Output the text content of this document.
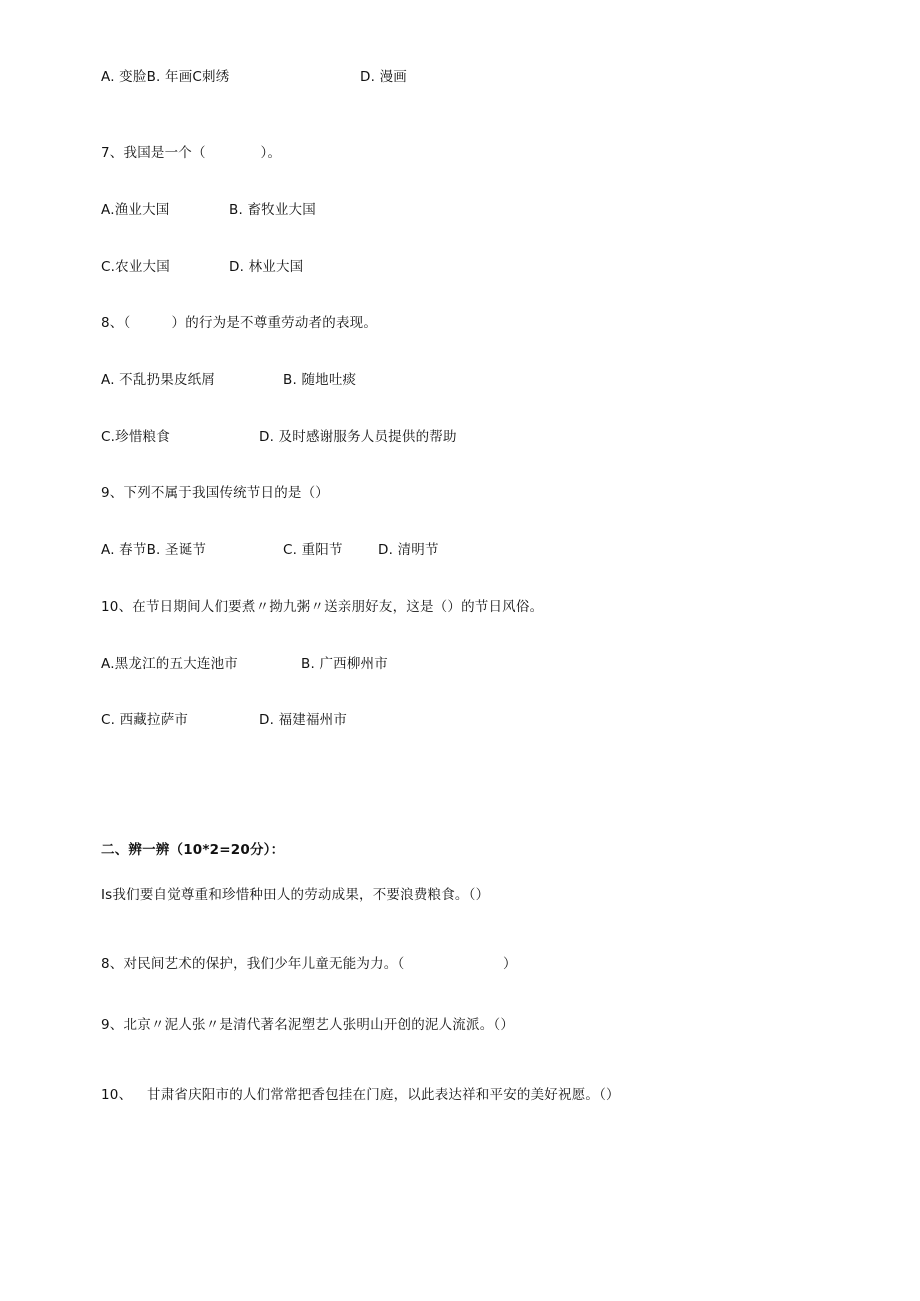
A. 变脸B. 年画C刺绣	D. 漫画
7、我国是一个（　　　　）。
A.渔业大国	B. 畜牧业大国
C.农业大国	D. 林业大国
8、（　　　）的行为是不尊重劳动者的表现。
A. 不乱扔果皮纸屑	B. 随地吐痰
C.珍惜粮食	D. 及时感谢服务人员提供的帮助
9、下列不属于我国传统节日的是（）
A. 春节B. 圣诞节	C. 重阳节	D. 清明节
10、在节日期间人们要煮〃拗九粥〃送亲朋好友，这是（）的节日风俗。
A.黑龙江的五大连池市	B. 广西柳州市
C. 西藏拉萨市	D. 福建福州市
二、辨一辨（10*2=20分）：
Is我们要自觉尊重和珍惜种田人的劳动成果，不要浪费粮食。（）
8、对民间艺术的保护，我们少年儿童无能为力。（	）
9、北京〃泥人张〃是清代著名泥塑艺人张明山开创的泥人流派。（）
10、 甘肃省庆阳市的人们常常把香包挂在门庭，以此表达祥和平安的美好祝愿。（）
